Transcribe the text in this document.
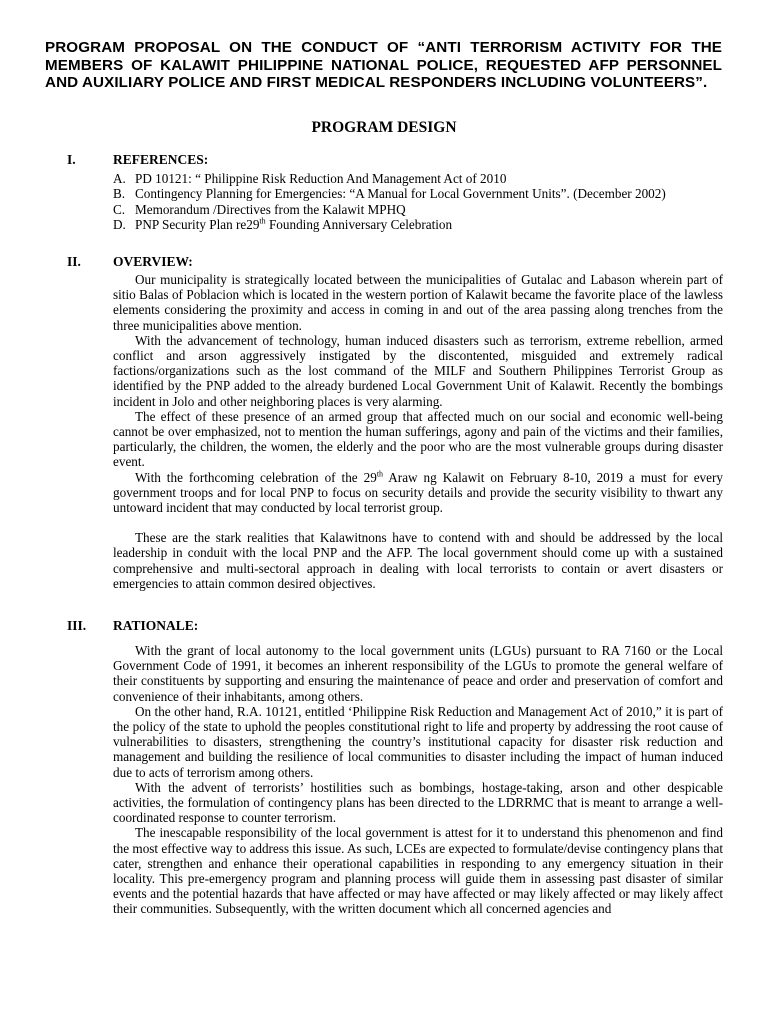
PROGRAM PROPOSAL ON THE CONDUCT OF “ANTI TERRORISM ACTIVITY FOR THE MEMBERS OF KALAWIT PHILIPPINE NATIONAL POLICE, REQUESTED AFP PERSONNEL AND AUXILIARY POLICE AND FIRST MEDICAL RESPONDERS INCLUDING VOLUNTEERS”.
PROGRAM DESIGN
I.	REFERENCES:
A. PD 10121: “ Philippine Risk Reduction And Management Act of 2010
B. Contingency Planning for Emergencies: “A Manual for Local Government Units”. (December 2002)
C. Memorandum /Directives from the Kalawit MPHQ
D. PNP Security Plan re29th Founding Anniversary Celebration
II. OVERVIEW:

Our municipality is strategically located between the municipalities of Gutalac and Labason wherein part of sitio Balas of Poblacion which is located in the western portion of Kalawit became the favorite place of the lawless elements considering the proximity and access in coming in and out of the area passing along trenches from the three municipalities above mention.

With the advancement of technology, human induced disasters such as terrorism, extreme rebellion, armed conflict and arson aggressively instigated by the discontented, misguided and extremely radical factions/organizations such as the lost command of the MILF and Southern Philippines Terrorist Group as identified by the PNP added to the already burdened Local Government Unit of Kalawit. Recently the bombings incident in Jolo and other neighboring places is very alarming.

The effect of these presence of an armed group that affected much on our social and economic well-being cannot be over emphasized, not to mention the human sufferings, agony and pain of the victims and their families, particularly, the children, the women, the elderly and the poor who are the most vulnerable groups during disaster event.

With the forthcoming celebration of the 29th Araw ng Kalawit on February 8-10, 2019 a must for every government troops and for local PNP to focus on security details and provide the security visibility to thwart any untoward incident that may conducted by local terrorist group.

These are the stark realities that Kalawitnons have to contend with and should be addressed by the local leadership in conduit with the local PNP and the AFP. The local government should come up with a sustained comprehensive and multi-sectoral approach in dealing with local terrorists to contain or avert disasters or emergencies to attain common desired objectives.

III. RATIONALE:

With the grant of local autonomy to the local government units (LGUs) pursuant to RA 7160 or the Local Government Code of 1991, it becomes an inherent responsibility of the LGUs to promote the general welfare of their constituents by supporting and ensuring the maintenance of peace and order and preservation of comfort and convenience of their inhabitants, among others.

On the other hand, R.A. 10121, entitled ‘Philippine Risk Reduction and Management Act of 2010,” it is part of the policy of the state to uphold the peoples constitutional right to life and property by addressing the root cause of vulnerabilities to disasters, strengthening the country’s institutional capacity for disaster risk reduction and management and building the resilience of local communities to disaster including the impact of human induced due to acts of terrorism among others.

With the advent of terrorists’ hostilities such as bombings, hostage-taking, arson and other despicable activities, the formulation of contingency plans has been directed to the LDRRMC that is meant to arrange a well-coordinated response to counter terrorism.

The inescapable responsibility of the local government is attest for it to understand this phenomenon and find the most effective way to address this issue. As such, LCEs are expected to formulate/devise contingency plans that cater, strengthen and enhance their operational capabilities in responding to any emergency situation in their locality. This pre-emergency program and planning process will guide them in assessing past disaster of similar events and the potential hazards that have affected or may have affected or may likely affected or may likely affect their communities. Subsequently, with the written document which all concerned agencies and
